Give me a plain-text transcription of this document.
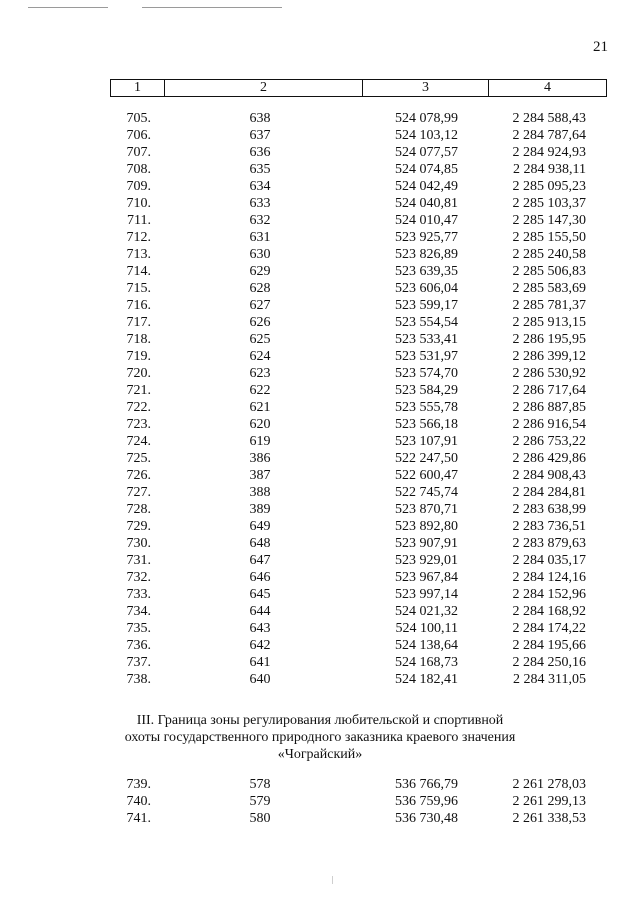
21
1	2	3	4
705.	638	524 078,99	2 284 588,43
706.	637	524 103,12	2 284 787,64
707.	636	524 077,57	2 284 924,93
708.	635	524 074,85	2 284 938,11
709.	634	524 042,49	2 285 095,23
710.	633	524 040,81	2 285 103,37
711.	632	524 010,47	2 285 147,30
712.	631	523 925,77	2 285 155,50
713.	630	523 826,89	2 285 240,58
714.	629	523 639,35	2 285 506,83
715.	628	523 606,04	2 285 583,69
716.	627	523 599,17	2 285 781,37
717.	626	523 554,54	2 285 913,15
718.	625	523 533,41	2 286 195,95
719.	624	523 531,97	2 286 399,12
720.	623	523 574,70	2 286 530,92
721.	622	523 584,29	2 286 717,64
722.	621	523 555,78	2 286 887,85
723.	620	523 566,18	2 286 916,54
724.	619	523 107,91	2 286 753,22
725.	386	522 247,50	2 286 429,86
726.	387	522 600,47	2 284 908,43
727.	388	522 745,74	2 284 284,81
728.	389	523 870,71	2 283 638,99
729.	649	523 892,80	2 283 736,51
730.	648	523 907,91	2 283 879,63
731.	647	523 929,01	2 284 035,17
732.	646	523 967,84	2 284 124,16
733.	645	523 997,14	2 284 152,96
734.	644	524 021,32	2 284 168,92
735.	643	524 100,11	2 284 174,22
736.	642	524 138,64	2 284 195,66
737.	641	524 168,73	2 284 250,16
738.	640	524 182,41	2 284 311,05
III. Граница зоны регулирования любительской и спортивной
охоты государственного природного заказника краевого значения
«Чограйский»
739.	578	536 766,79	2 261 278,03
740.	579	536 759,96	2 261 299,13
741.	580	536 730,48	2 261 338,53
